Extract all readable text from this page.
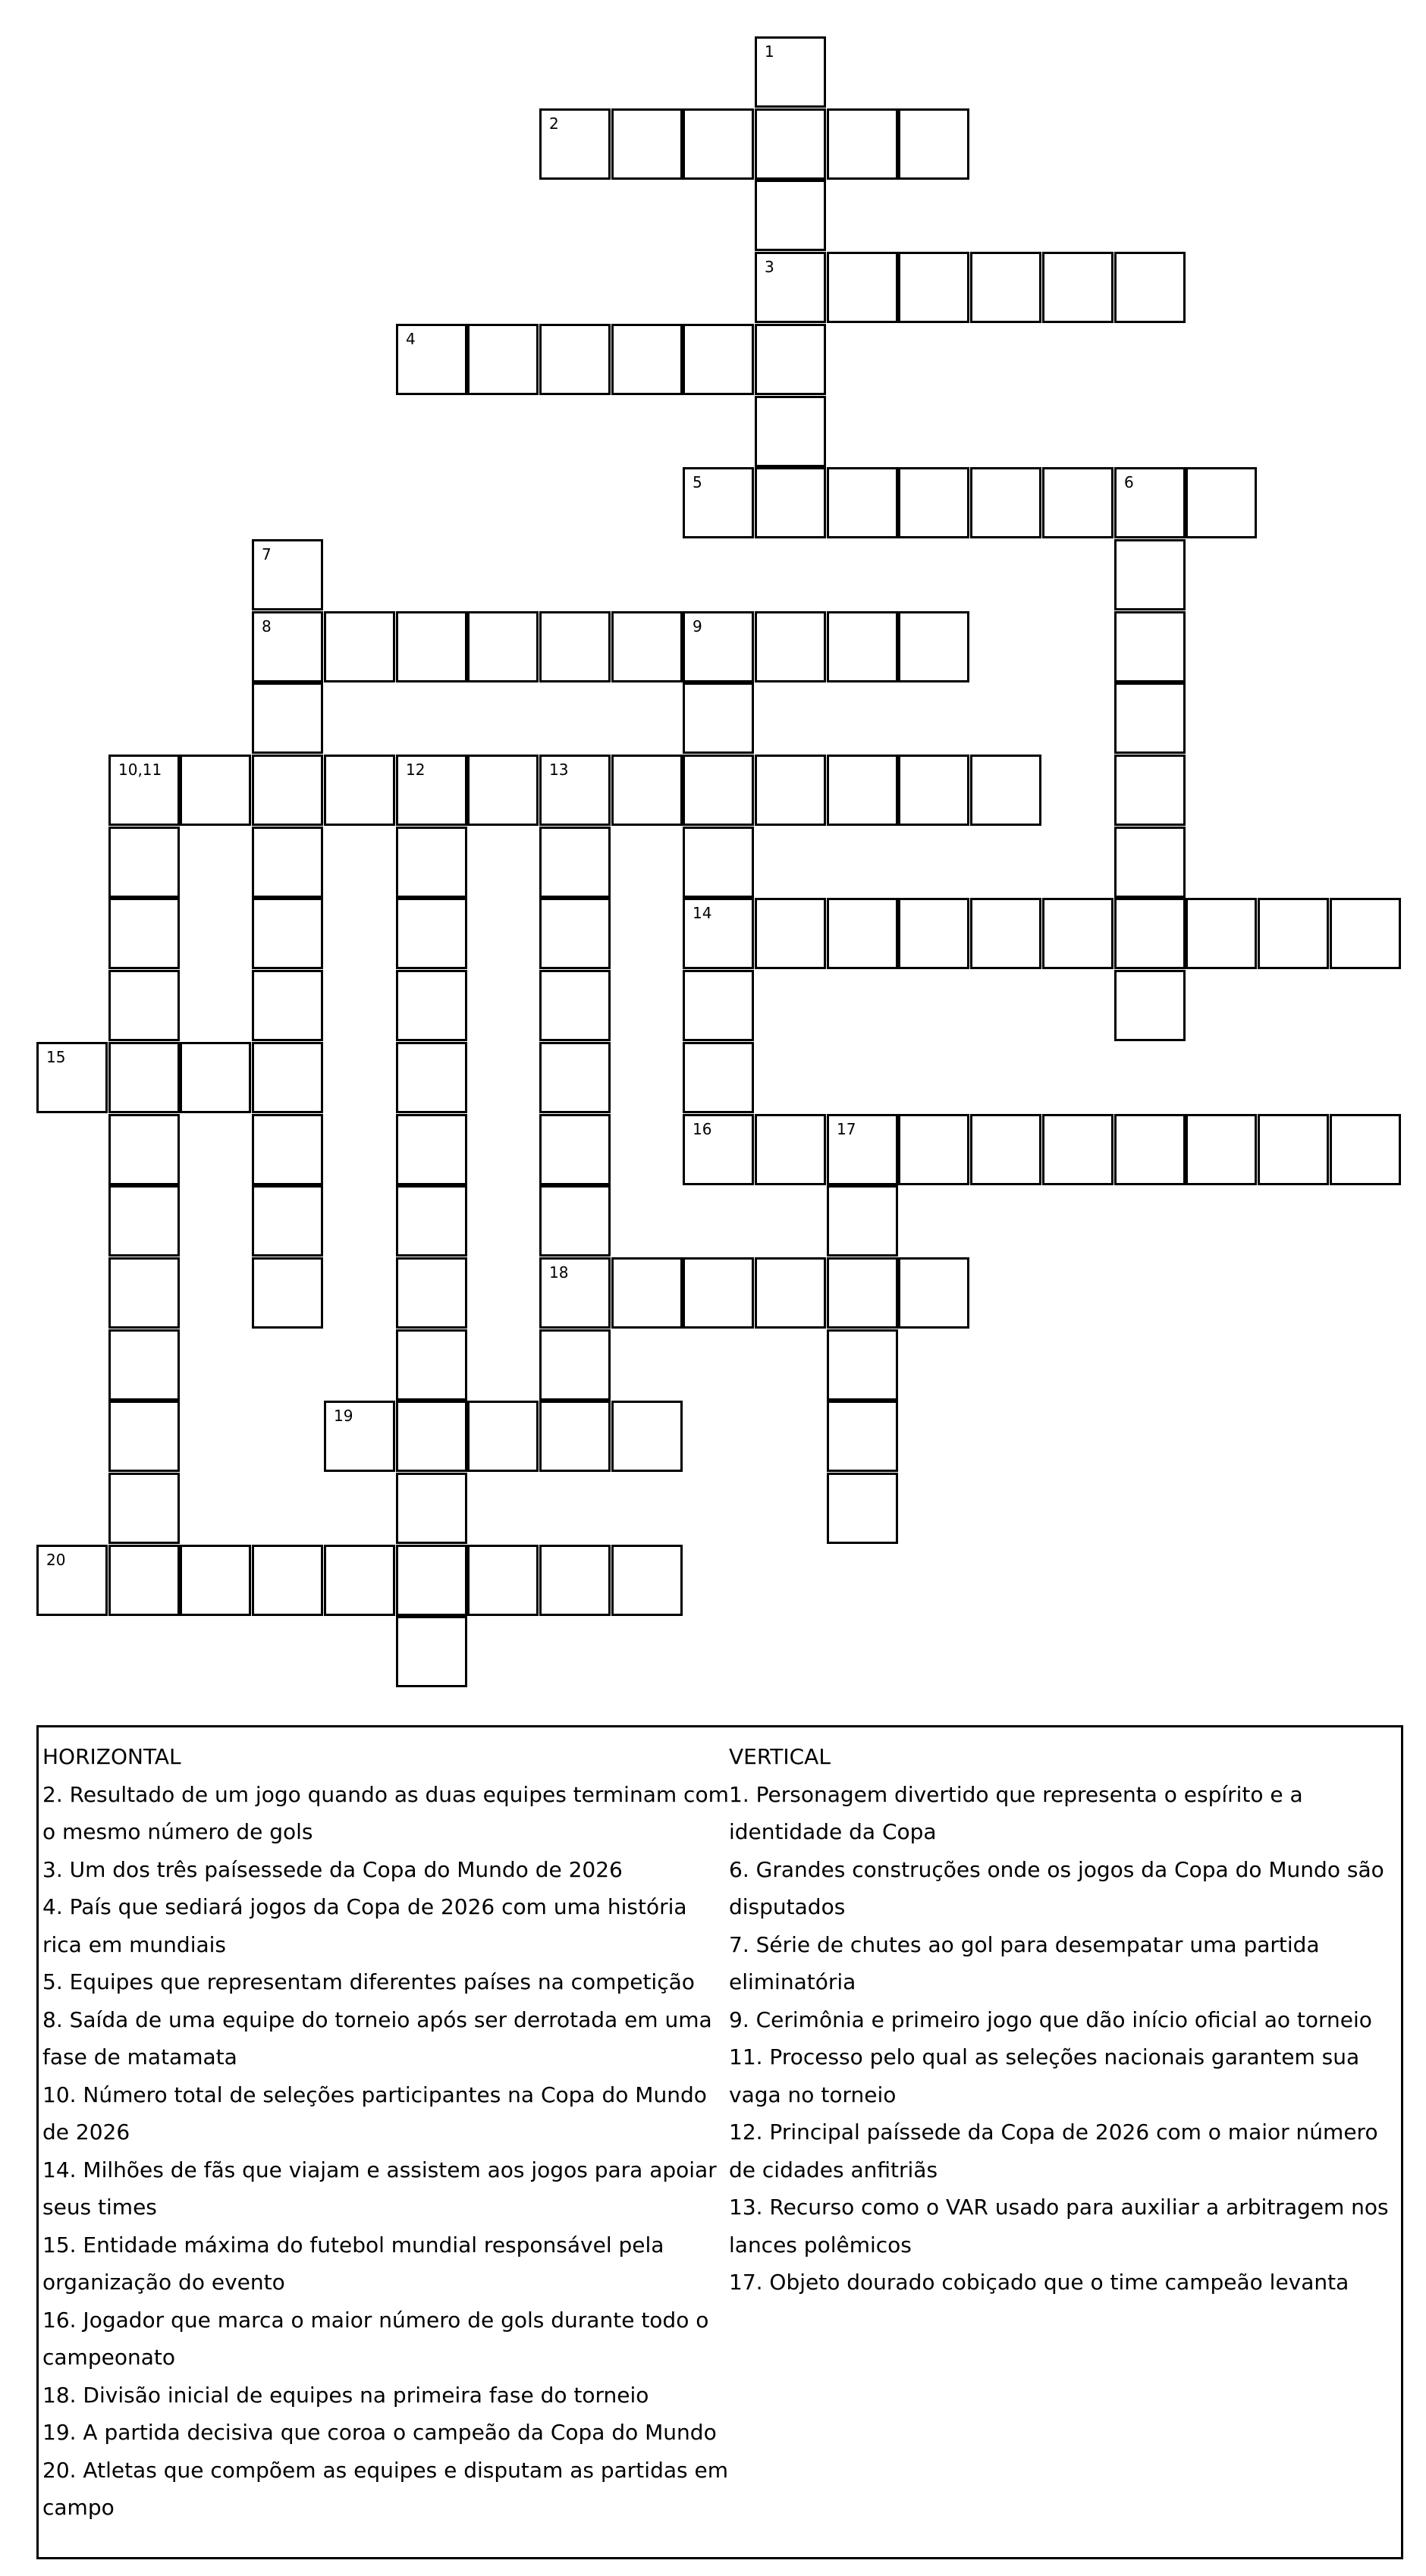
2
3
4
5	6
8	9
10,11	12	13
14
15
16	17
18
19
20
1
7

HORIZONTAL

2. Resultado de um jogo quando as duas equipes terminam com o mesmo número de gols

3. Um dos três paísessede da Copa do Mundo de 2026

4. País que sediará jogos da Copa de 2026 com uma história rica em mundiais

5. Equipes que representam diferentes países na competição

8. Saída de uma equipe do torneio após ser derrotada em uma fase de matamata

10. Número total de seleções participantes na Copa do Mundo de 2026

14. Milhões de fãs que viajam e assistem aos jogos para apoiar seus times

15. Entidade máxima do futebol mundial responsável pela organização do evento

16. Jogador que marca o maior número de gols durante todo o campeonato

18. Divisão inicial de equipes na primeira fase do torneio

19. A partida decisiva que coroa o campeão da Copa do Mundo

20. Atletas que compõem as equipes e disputam as partidas em campo

VERTICAL

1. Personagem divertido que representa o espírito e a identidade da Copa

6. Grandes construções onde os jogos da Copa do Mundo são disputados

7. Série de chutes ao gol para desempatar uma partida eliminatória

9. Cerimônia e primeiro jogo que dão início oficial ao torneio

11. Processo pelo qual as seleções nacionais garantem sua vaga no torneio

12. Principal paíssede da Copa de 2026 com o maior número de cidades anfitriãs

13. Recurso como o VAR usado para auxiliar a arbitragem nos lances polêmicos

17. Objeto dourado cobiçado que o time campeão levanta
